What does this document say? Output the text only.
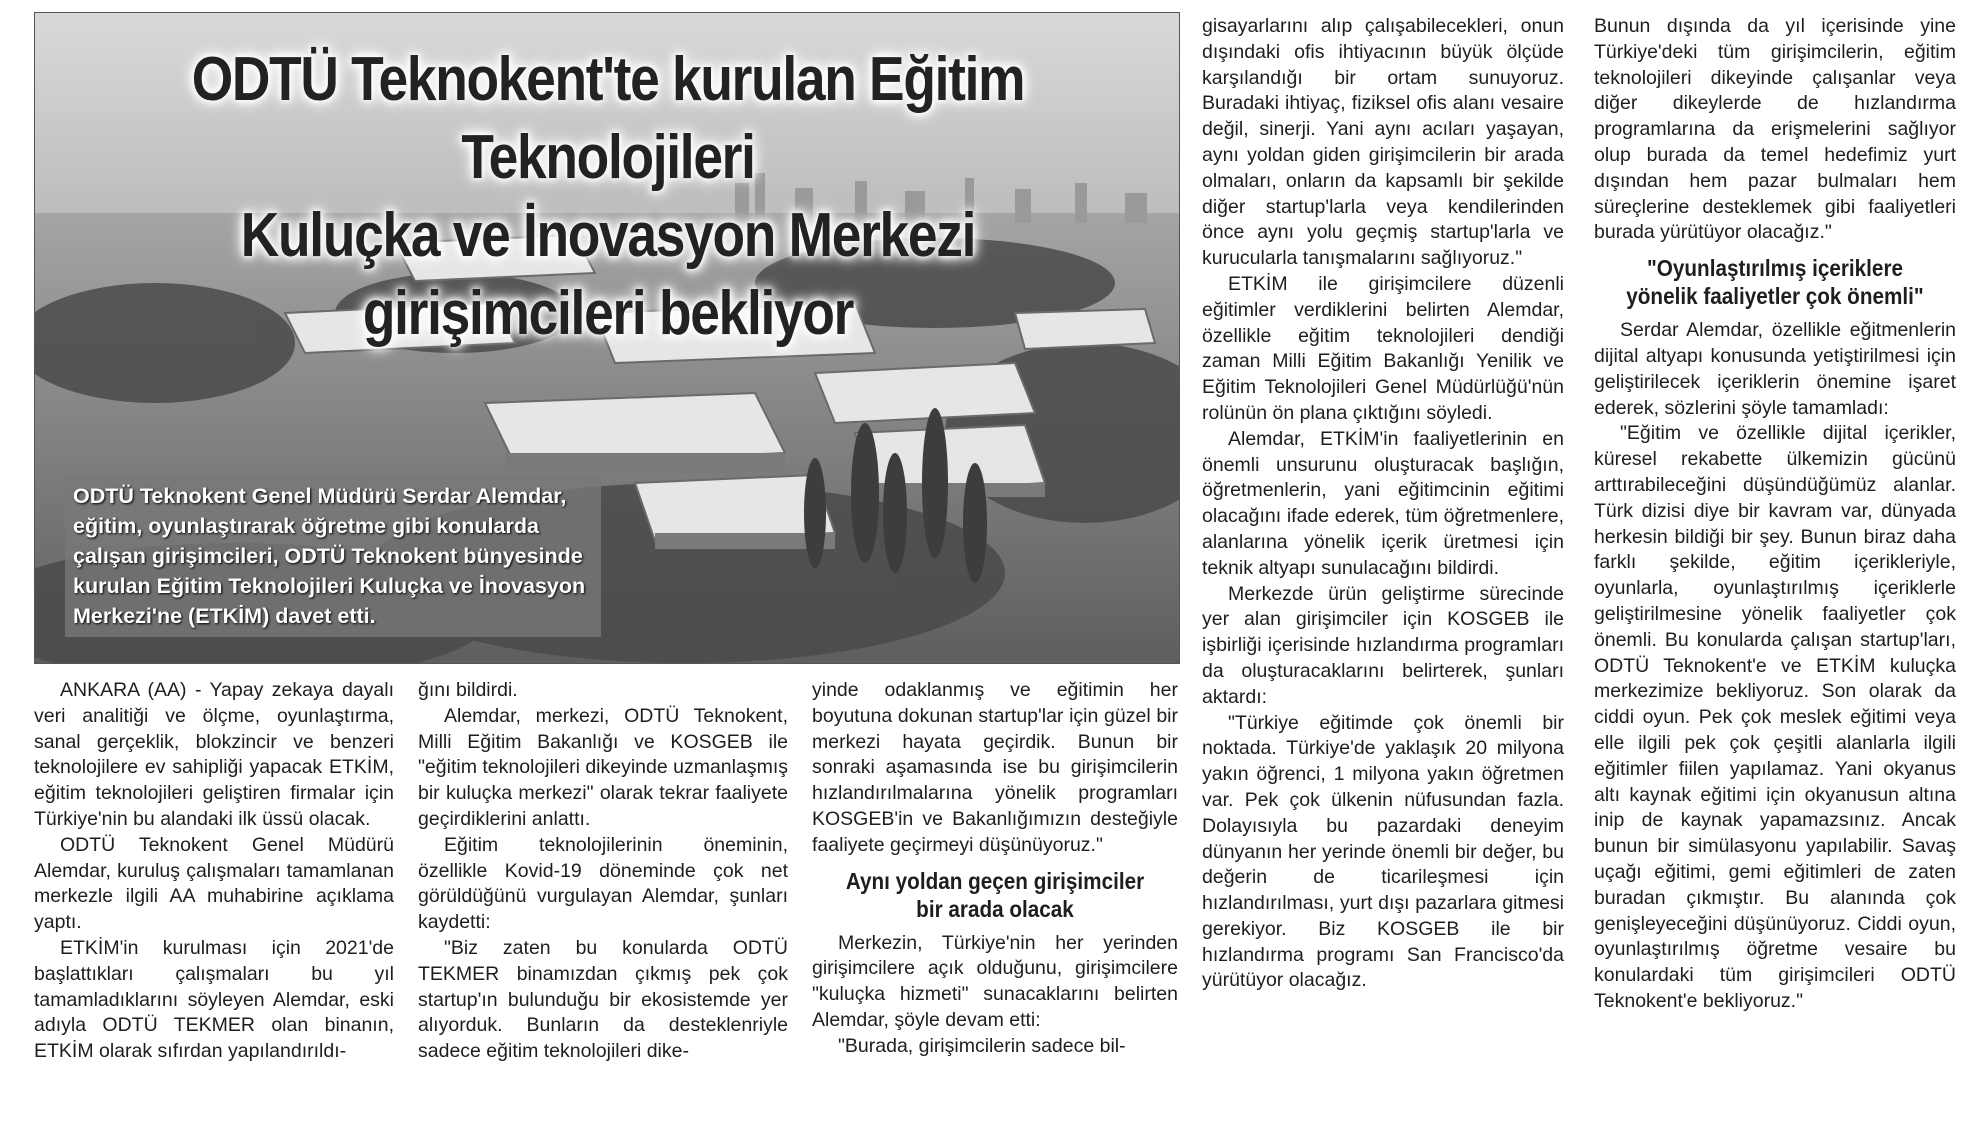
ODTÜ Teknokent'te kurulan Eğitim Teknolojileri
Kuluçka ve İnovasyon Merkezi girişimcileri bekliyor
ODTÜ Teknokent Genel Müdürü Serdar Alemdar, eğitim, oyunlaştırarak öğretme gibi konularda çalışan girişimcileri, ODTÜ Teknokent bünyesinde kurulan Eğitim Teknolojileri Kuluçka ve İnovasyon Merkezi'ne (ETKİM) davet etti.

ANKARA (AA) - Yapay zekaya dayalı veri analitiği ve ölçme, oyunlaştırma, sanal gerçeklik, blokzincir ve benzeri teknolojilere ev sahipliği yapacak ETKİM, eğitim teknolojileri geliştiren firmalar için Türkiye'nin bu alandaki ilk üssü olacak.

ODTÜ Teknokent Genel Müdürü Alemdar, kuruluş çalışmaları tamamlanan merkezle ilgili AA muhabirine açıklama yaptı.

ETKİM'in kurulması için 2021'de başlattıkları çalışmaları bu yıl tamamladıklarını söyleyen Alemdar, eski adıyla ODTÜ TEKMER olan binanın, ETKİM olarak sıfırdan yapılandırıldı-

ğını bildirdi.

Alemdar, merkezi, ODTÜ Teknokent, Milli Eğitim Bakanlığı ve KOSGEB ile "eğitim teknolojileri dikeyinde uzmanlaşmış bir kuluçka merkezi" olarak tekrar faaliyete geçirdiklerini anlattı.

Eğitim teknolojilerinin öneminin, özellikle Kovid-19 döneminde çok net görüldüğünü vurgulayan Alemdar, şunları kaydetti:

"Biz zaten bu konularda ODTÜ TEKMER binamızdan çıkmış pek çok startup'ın bulunduğu bir ekosistemde yer alıyorduk. Bunların da desteklenriyle sadece eğitim teknolojileri dike-

yinde odaklanmış ve eğitimin her boyutuna dokunan startup'lar için güzel bir merkezi hayata geçirdik. Bunun bir sonraki aşamasında ise bu girişimcilerin hızlandırılmalarına yönelik programları KOSGEB'in ve Bakanlığımızın desteğiyle faaliyete geçirmeyi düşünüyoruz."

Aynı yoldan geçen girişimciler bir arada olacak

Merkezin, Türkiye'nin her yerinden girişimcilere açık olduğunu, girişimcilere "kuluçka hizmeti" sunacaklarını belirten Alemdar, şöyle devam etti:

"Burada, girişimcilerin sadece bil-

gisayarlarını alıp çalışabilecekleri, onun dışındaki ofis ihtiyacının büyük ölçüde karşılandığı bir ortam sunuyoruz. Buradaki ihtiyaç, fiziksel ofis alanı vesaire değil, sinerji. Yani aynı acıları yaşayan, aynı yoldan giden girişimcilerin bir arada olmaları, onların da kapsamlı bir şekilde diğer startup'larla veya kendilerinden önce aynı yolu geçmiş startup'larla ve kurucularla tanışmalarını sağlıyoruz."

ETKİM ile girişimcilere düzenli eğitimler verdiklerini belirten Alemdar, özellikle eğitim teknolojileri dendiği zaman Milli Eğitim Bakanlığı Yenilik ve Eğitim Teknolojileri Genel Müdürlüğü'nün rolünün ön plana çıktığını söyledi.

Alemdar, ETKİM'in faaliyetlerinin en önemli unsurunu oluşturacak başlığın, öğretmenlerin, yani eğitimcinin eğitimi olacağını ifade ederek, tüm öğretmenlere, alanlarına yönelik içerik üretmesi için teknik altyapı sunulacağını bildirdi.

Merkezde ürün geliştirme sürecinde yer alan girişimciler için KOSGEB ile işbirliği içerisinde hızlandırma programları da oluşturacaklarını belirterek, şunları aktardı:

"Türkiye eğitimde çok önemli bir noktada. Türkiye'de yaklaşık 20 milyona yakın öğrenci, 1 milyona yakın öğretmen var. Pek çok ülkenin nüfusundan fazla. Dolayısıyla bu pazardaki deneyim dünyanın her yerinde önemli bir değer, bu değerin de ticarileşmesi için hızlandırılması, yurt dışı pazarlara gitmesi gerekiyor. Biz KOSGEB ile bir hızlandırma programı San Francisco'da yürütüyor olacağız.

Bunun dışında da yıl içerisinde yine Türkiye'deki tüm girişimcilerin, eğitim teknolojileri dikeyinde çalışanlar veya diğer dikeylerde de hızlandırma programlarına da erişmelerini sağlıyor olup burada da temel hedefimiz yurt dışından hem pazar bulmaları hem süreçlerine desteklemek gibi faaliyetleri burada yürütüyor olacağız."

"Oyunlaştırılmış içeriklere yönelik faaliyetler çok önemli"

Serdar Alemdar, özellikle eğitmenlerin dijital altyapı konusunda yetiştirilmesi için geliştirilecek içeriklerin önemine işaret ederek, sözlerini şöyle tamamladı:

"Eğitim ve özellikle dijital içerikler, küresel rekabette ülkemizin gücünü arttırabileceğini düşündüğümüz alanlar. Türk dizisi diye bir kavram var, dünyada herkesin bildiği bir şey. Bunun biraz daha farklı şekilde, eğitim içerikleriyle, oyunlarla, oyunlaştırılmış içeriklerle geliştirilmesine yönelik faaliyetler çok önemli. Bu konularda çalışan startup'ları, ODTÜ Teknokent'e ve ETKİM kuluçka merkezimize bekliyoruz. Son olarak da ciddi oyun. Pek çok meslek eğitimi veya elle ilgili pek çok çeşitli alanlarla ilgili eğitimler fiilen yapılamaz. Yani okyanus altı kaynak eğitimi için okyanusun altına inip de kaynak yapamazsınız. Ancak bunun bir simülasyonu yapılabilir. Savaş uçağı eğitimi, gemi eğitimleri de zaten buradan çıkmıştır. Bu alanında çok genişleyeceğini düşünüyoruz. Ciddi oyun, oyunlaştırılmış öğretme vesaire bu konulardaki tüm girişimcileri ODTÜ Teknokent'e bekliyoruz."
